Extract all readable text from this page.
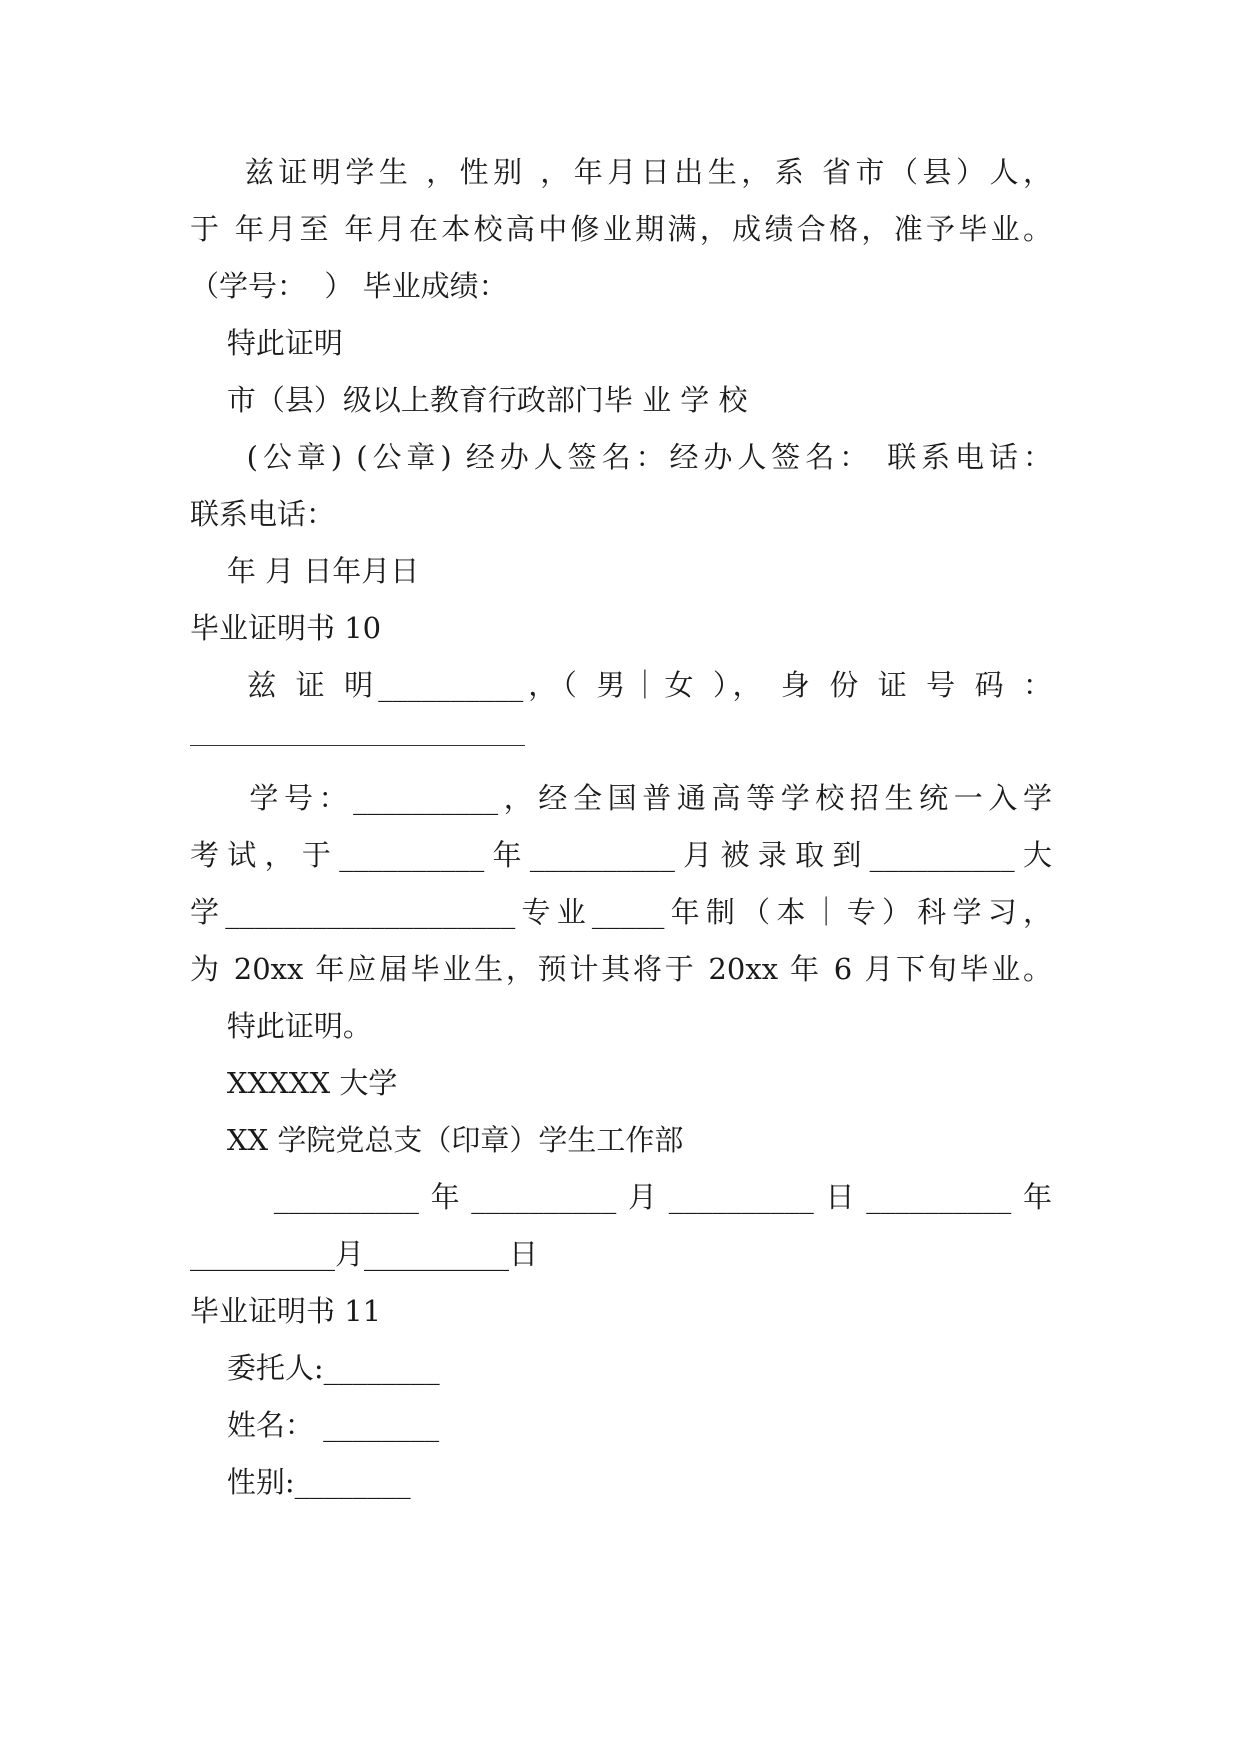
兹证明学生 ，性别 ，年月日出生，系 省市（县）人，
于 年月至 年月在本校高中修业期满，成绩合格，准予毕业。
（学号：  ） 毕业成绩：
特此证明
市（县）级以上教育行政部门毕 业 学 校
(公章) (公章) 经办人签名：经办人签名： 联系电话：
联系电话：
年 月 日年月日
毕业证明书 10
兹 证 明__________，（ 男｜女 ）， 身 份 证 号 码 ：
学号：__________，经全国普通高等学校招生统一入学
考试，于__________年__________月被录取到__________大
学____________________专业_____年制（本｜专）科学习，
为 20xx 年应届毕业生，预计其将于 20xx 年 6 月下旬毕业。
特此证明。
XXXXX 大学
XX 学院党总支（印章）学生工作部
__________年__________月__________日__________年
__________月__________日
毕业证明书 11
委托人:________
姓名： ________
性别:________
